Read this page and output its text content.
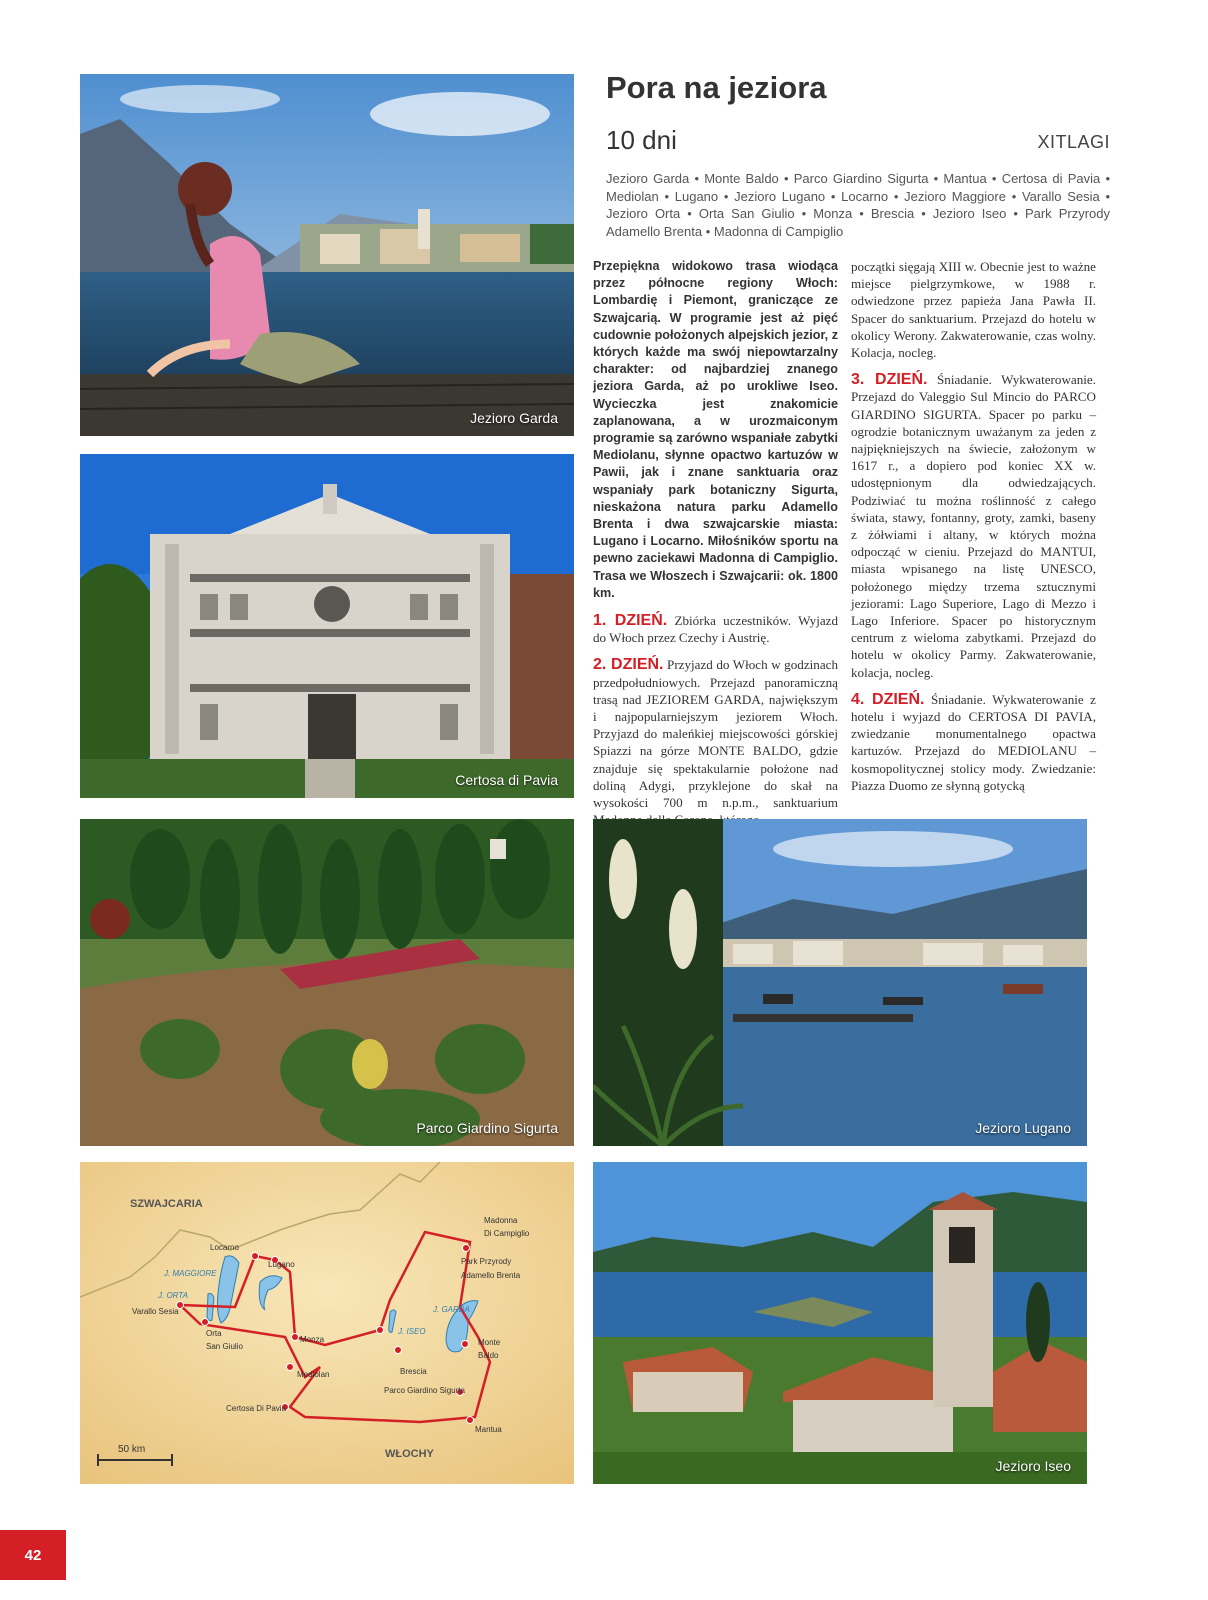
Jezioro Garda
Certosa di Pavia
Pora na jeziora
10 dni	XITLAGI
Jezioro Garda • Monte Baldo • Parco Giardino Sigurta • Mantua • Certosa di Pavia • Mediolan • Lugano • Jezioro Lugano • Locarno • Jezioro Maggiore • Varallo Sesia • Jezioro Orta • Orta San Giulio • Monza • Brescia • Jezioro Iseo • Park Przyrody Adamello Brenta • Madonna di Campiglio

Przepiękna widokowo trasa wiodąca przez północne regiony Włoch: Lombardię i Piemont, graniczące ze Szwajcarią. W programie jest aż pięć cudownie położonych alpejskich jezior, z których każde ma swój niepowtarzalny charakter: od najbardziej znanego jeziora Garda, aż po urokliwe Iseo. Wycieczka jest znakomicie zaplanowana, a w urozmaiconym programie są zarówno wspaniałe zabytki Mediolanu, słynne opactwo kartuzów w Pawii, jak i znane sanktuaria oraz wspaniały park botaniczny Sigurta, nieskażona natura parku Adamello Brenta i dwa szwajcarskie miasta: Lugano i Locarno. Miłośników sportu na pewno zaciekawi Madonna di Campiglio. Trasa we Włoszech i Szwajcarii: ok. 1800 km.

1. DZIEŃ. Zbiórka uczestników. Wyjazd do Włoch przez Czechy i Austrię.

2. DZIEŃ. Przyjazd do Włoch w godzinach przedpołudniowych. Przejazd panoramiczną trasą nad JEZIOREM GARDA, największym i najpopularniejszym jeziorem Włoch. Przyjazd do maleńkiej miejscowości górskiej Spiazzi na górze MONTE BALDO, gdzie znajduje się spektakularnie położone nad doliną Adygi, przyklejone do skał na wysokości 700 m n.p.m., sanktuarium

początki sięgają XIII w. Obecnie jest to ważne miejsce pielgrzymkowe, w 1988 r. odwiedzone przez papieża Jana Pawła II. Spacer do sanktuarium. Przejazd do hotelu w okolicy Werony. Zakwaterowanie, czas wolny. Kolacja, nocleg.

3. DZIEŃ. Śniadanie. Wykwaterowanie. Przejazd do Valeggio Sul Mincio do PARCO GIARDINO SIGURTA. Spacer po parku – ogrodzie botanicznym uważanym za jeden z najpiękniejszych na świecie, założonym w 1617 r., a dopiero pod koniec XX w. udostępnionym dla odwiedzających. Podziwiać tu można roślinność z całego świata, stawy, fontanny, groty, zamki, baseny z żółwiami i altany, w których można odpocząć w cieniu. Przejazd do MANTUI, miasta wpisanego na listę UNESCO, położonego między trzema sztucznymi jeziorami: Lago Superiore, Lago di Mezzo i Lago Inferiore. Spacer po historycznym centrum z wieloma zabytkami. Przejazd do hotelu w okolicy Parmy. Zakwaterowanie, kolacja, nocleg.

4. DZIEŃ. Śniadanie. Wykwaterowanie z hotelu i wyjazd do CERTOSA DI PAVIA, zwiedzanie monumentalnego opactwa kartuzów. Przejazd do MEDIOLANU – kosmopolitycznej stolicy mody. Zwiedzanie: Piazza Duomo ze słynną gotycką

Parco Giardino Sigurta	Jezioro Lugano
SZWAJCARIA
WŁOCHY
50 km
J. MAGGIORE
J. ORTA
J. GARDA
J. ISEO
Locarno
Lugano
Varallo Sesia
Orta
San Giulio
Monza
Mediolan
Certosa Di Pavia
Brescia
Parco Giardino Sigurta
Mantua
Madonna
Di Campiglio
Park Przyrody
Adamello Brenta
Monte
Baldo
Jezioro Iseo
42
